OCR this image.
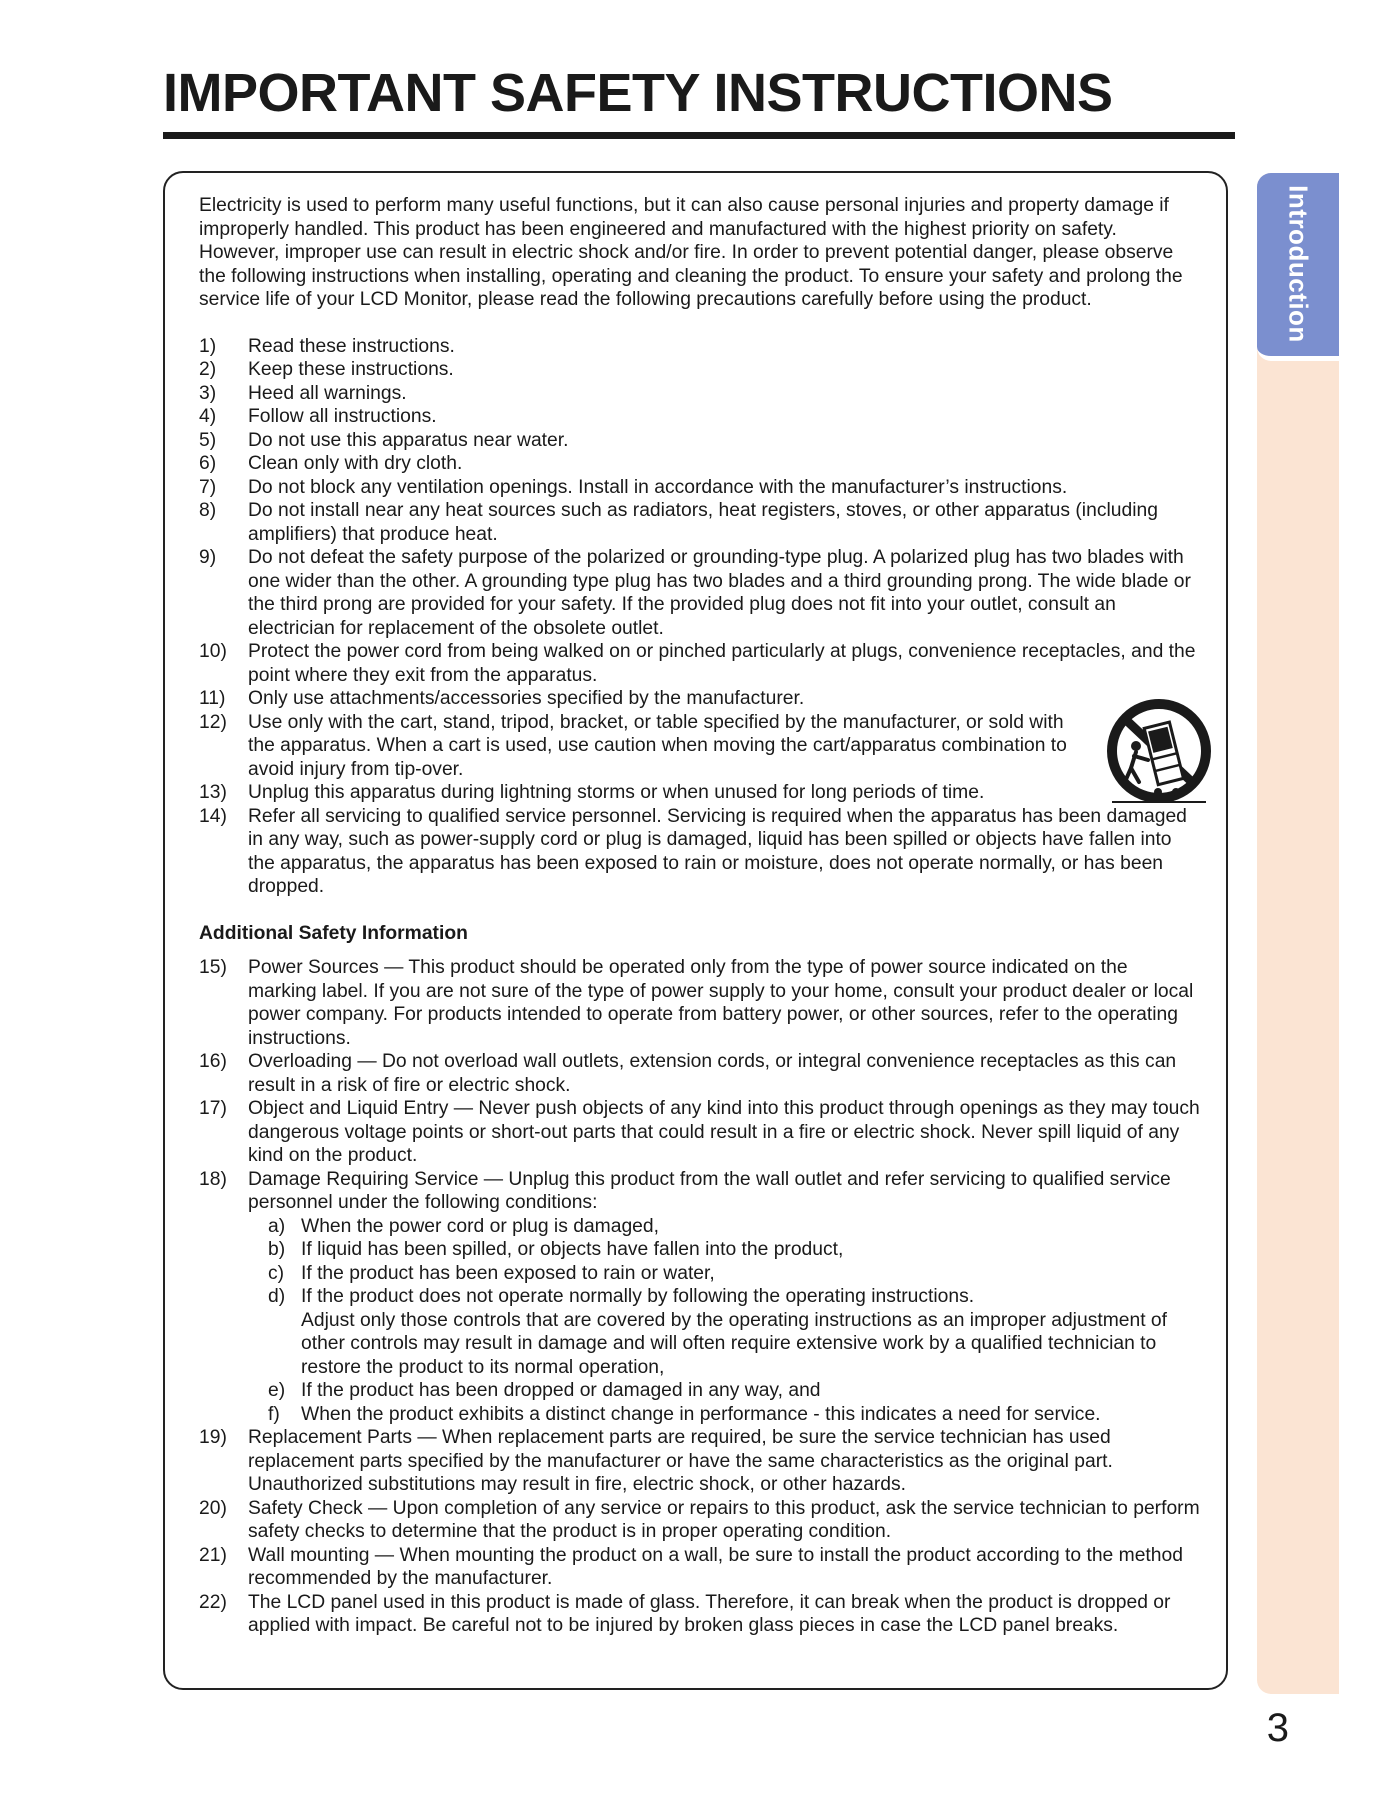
IMPORTANT SAFETY INSTRUCTIONS
Introduction

Electricity is used to perform many useful functions, but it can also cause personal injuries and property damage if improperly handled. This product has been engineered and manufactured with the highest priority on safety. However, improper use can result in electric shock and/or fire. In order to prevent potential danger, please observe the following instructions when installing, operating and cleaning the product. To ensure your safety and prolong the service life of your LCD Monitor, please read the following precautions carefully before using the product.

1)	Read these instructions.
2)	Keep these instructions.
3)	Heed all warnings.
4)	Follow all instructions.
5)	Do not use this apparatus near water.
6)	Clean only with dry cloth.
7)	Do not block any ventilation openings. Install in accordance with the manufacturer’s instructions.
8)	Do not install near any heat sources such as radiators, heat registers, stoves, or other apparatus (including amplifiers) that produce heat.
9)	Do not defeat the safety purpose of the polarized or grounding-type plug. A polarized plug has two blades with one wider than the other. A grounding type plug has two blades and a third grounding prong. The wide blade or the third prong are provided for your safety. If the provided plug does not fit into your outlet, consult an electrician for replacement of the obsolete outlet.
10)	Protect the power cord from being walked on or pinched particularly at plugs, convenience receptacles, and the point where they exit from the apparatus.
11)	Only use attachments/accessories specified by the manufacturer.
12)	Use only with the cart, stand, tripod, bracket, or table specified by the manufacturer, or sold with the apparatus. When a cart is used, use caution when moving the cart/apparatus combination to avoid injury from tip-over.
13)	Unplug this apparatus during lightning storms or when unused for long periods of time.
14)	Refer all servicing to qualified service personnel. Servicing is required when the apparatus has been damaged in any way, such as power-supply cord or plug is damaged, liquid has been spilled or objects have fallen into the apparatus, the apparatus has been exposed to rain or moisture, does not operate normally, or has been dropped.
Additional Safety Information
15)	Power Sources — This product should be operated only from the type of power source indicated on the marking label. If you are not sure of the type of power supply to your home, consult your product dealer or local power company. For products intended to operate from battery power, or other sources, refer to the operating instructions.
16)	Overloading — Do not overload wall outlets, extension cords, or integral convenience receptacles as this can result in a risk of fire or electric shock.
17)	Object and Liquid Entry — Never push objects of any kind into this product through openings as they may touch dangerous voltage points or short-out parts that could result in a fire or electric shock. Never spill liquid of any kind on the product.
18)	Damage Requiring Service — Unplug this product from the wall outlet and refer servicing to qualified service personnel under the following conditions:
a) When the power cord or plug is damaged,
b) If liquid has been spilled, or objects have fallen into the product,
c) If the product has been exposed to rain or water,
d) If the product does not operate normally by following the operating instructions.
Adjust only those controls that are covered by the operating instructions as an improper adjustment of other controls may result in damage and will often require extensive work by a qualified technician to restore the product to its normal operation,
e) If the product has been dropped or damaged in any way, and
f)	When the product exhibits a distinct change in performance - this indicates a need for service.
19)	Replacement Parts — When replacement parts are required, be sure the service technician has used replacement parts specified by the manufacturer or have the same characteristics as the original part. Unauthorized substitutions may result in fire, electric shock, or other hazards.
20)	Safety Check — Upon completion of any service or repairs to this product, ask the service technician to perform safety checks to determine that the product is in proper operating condition.
21)	Wall mounting — When mounting the product on a wall, be sure to install the product according to the method recommended by the manufacturer.
22)	The LCD panel used in this product is made of glass. Therefore, it can break when the product is dropped or applied with impact. Be careful not to be injured by broken glass pieces in case the LCD panel breaks.
3
